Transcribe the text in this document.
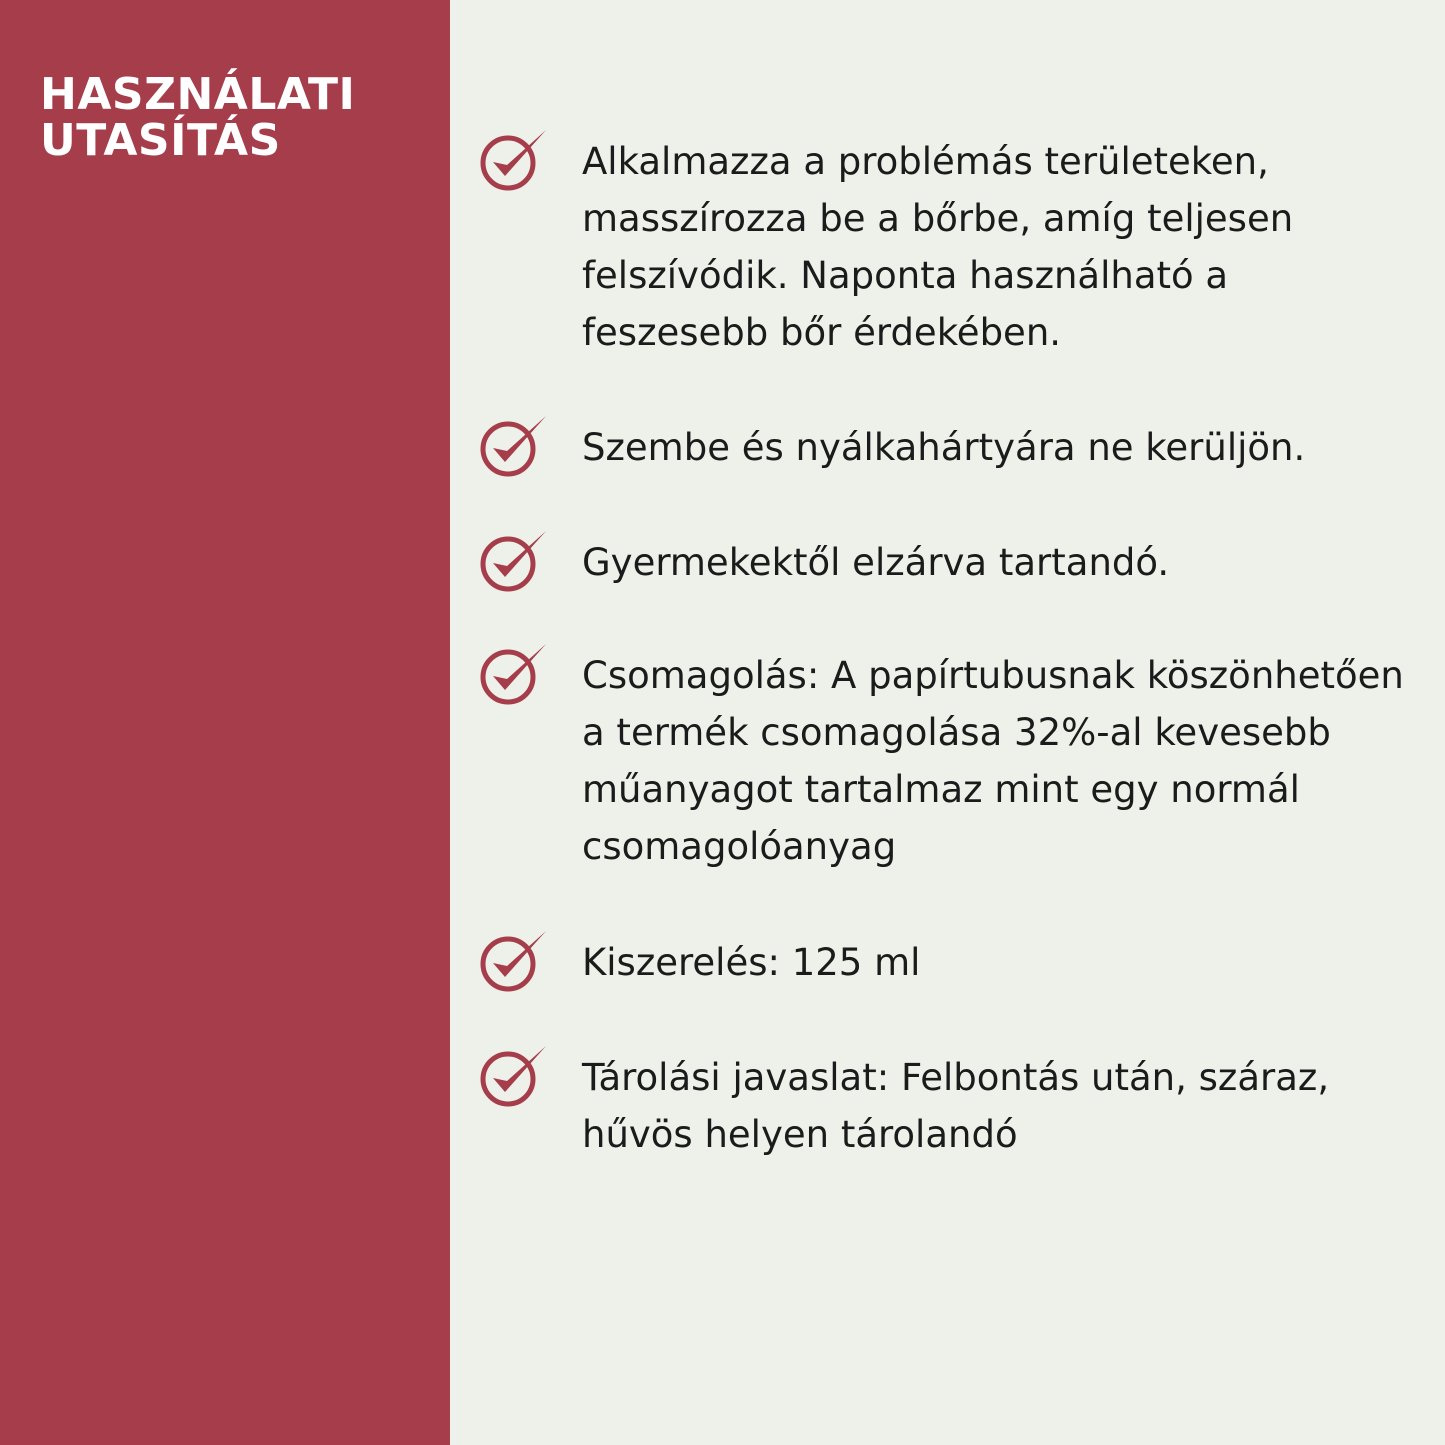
HASZNÁLATI
UTASÍTÁS	Alkalmazza a problémás területeken, masszírozza be a bőrbe, amíg teljesen felszívódik. Naponta használható a feszesebb bőr érdekében.

Szembe és nyálkahártyára ne kerüljön.

Gyermekektől elzárva tartandó.

Csomagolás: A papírtubusnak köszönhetően a termék csomagolása 32%-al kevesebb műanyagot tartalmaz mint egy normál csomagolóanyag

Kiszerelés: 125 ml

Tárolási javaslat: Felbontás után, száraz, hűvös helyen tárolandó
